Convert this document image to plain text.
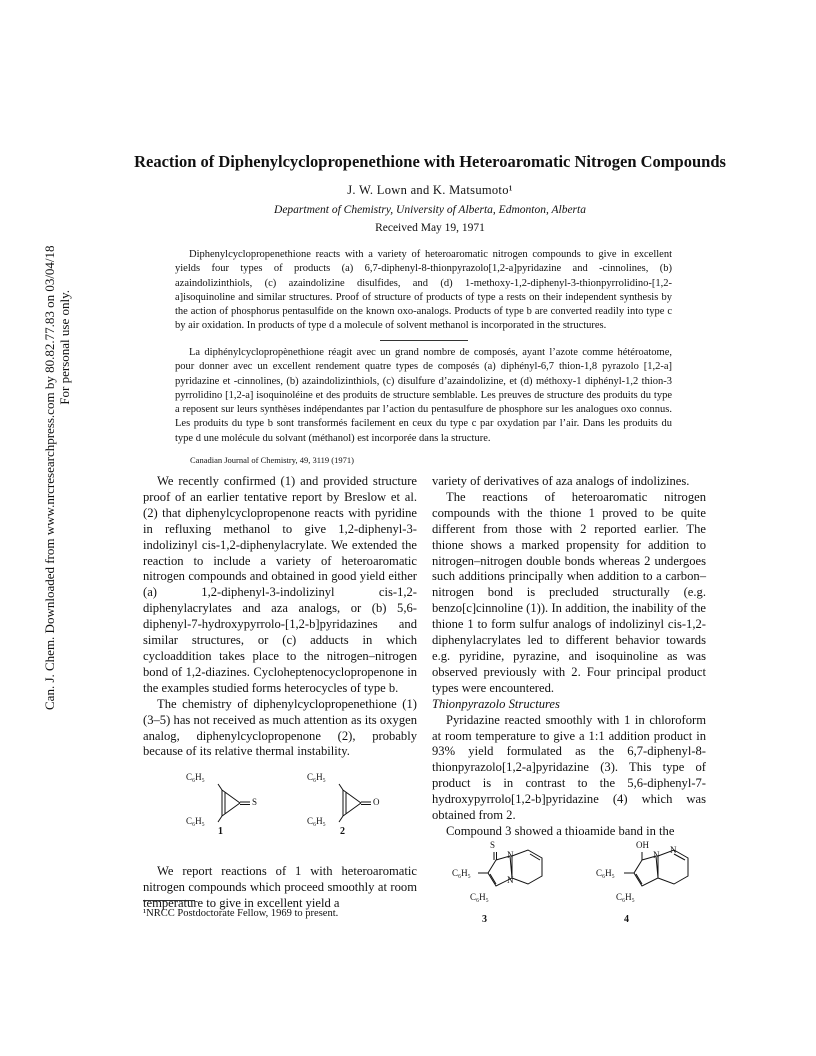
Can. J. Chem. Downloaded from www.nrcresearchpress.com by 80.82.77.83 on 03/04/18 For personal use only.
Reaction of Diphenylcyclopropenethione with Heteroaromatic Nitrogen Compounds
J. W. Lown and K. Matsumoto¹
Department of Chemistry, University of Alberta, Edmonton, Alberta
Received May 19, 1971

Diphenylcyclopropenethione reacts with a variety of heteroaromatic nitrogen compounds to give in excellent yields four types of products (a) 6,7-diphenyl-8-thionpyrazolo[1,2-a]pyridazine and -cinnolines, (b) azaindolizinthiols, (c) azaindolizine disulfides, and (d) 1-methoxy-1,2-diphenyl-3-thionpyrrolidino-[1,2-a]isoquinoline and similar structures. Proof of structure of products of type a rests on their independent synthesis by the action of phosphorus pentasulfide on the known oxo-analogs. Products of type b are converted readily into type c by air oxidation. In products of type d a molecule of solvent methanol is incorporated in the structures.

La diphénylcyclopropènethione réagit avec un grand nombre de composés, ayant l’azote comme hétéroatome, pour donner avec un excellent rendement quatre types de composés (a) diphényl-6,7 thion-1,8 pyrazolo [1,2-a] pyridazine et -cinnolines, (b) azaindolizinthiols, (c) disulfure d’azaindolizine, et (d) méthoxy-1 diphényl-1,2 thion-3 pyrrolidino [1,2-a] isoquinoléine et des produits de structure semblable. Les preuves de structure des produits du type a reposent sur leurs synthèses indépendantes par l’action du pentasulfure de phosphore sur les analogues oxo connus. Les produits du type b sont transformés facilement en ceux du type c par oxydation par l’air. Dans les produits du type d une molécule du solvant (méthanol) est incorporée dans la structure.

Canadian Journal of Chemistry, 49, 3119 (1971)

We recently confirmed (1) and provided structure proof of an earlier tentative report by Breslow et al. (2) that diphenylcyclopropenone reacts with pyridine in refluxing methanol to give 1,2-diphenyl-3-indolizinyl cis-1,2-diphenylacrylate. We extended the reaction to include a variety of heteroaromatic nitrogen compounds and obtained in good yield either (a) 1,2-diphenyl-3-indolizinyl cis-1,2-diphenylacrylates and aza analogs, or (b) 5,6-diphenyl-7-hydroxypyrrolo-[1,2-b]pyridazines and similar structures, or (c) adducts in which cycloaddition takes place to the nitrogen–nitrogen bond of 1,2-diazines. Cycloheptenocyclopropenone in the examples studied forms heterocycles of type b.

The chemistry of diphenylcyclopropenethione (1) (3–5) has not received as much attention as its oxygen analog, diphenylcyclopropenone (2), probably because of its relative thermal instability.

We report reactions of 1 with heteroaromatic nitrogen compounds which proceed smoothly at room temperature to give in excellent yield a

variety of derivatives of aza analogs of indolizines.

The reactions of heteroaromatic nitrogen compounds with the thione 1 proved to be quite different from those with 2 reported earlier. The thione shows a marked propensity for addition to nitrogen–nitrogen double bonds whereas 2 undergoes such additions principally when addition to a carbon–nitrogen bond is precluded structurally (e.g. benzo[c]cinnoline (1)). In addition, the inability of the thione 1 to form sulfur analogs of indolizinyl cis-1,2-diphenylacrylates led to different behavior towards e.g. pyridine, pyrazine, and isoquinoline as was observed previously with 2. Four principal product types were encountered.

Thionpyrazolo Structures

Pyridazine reacted smoothly with 1 in chloroform at room temperature to give a 1:1 addition product in 93% yield formulated as the 6,7-diphenyl-8-thionpyrazolo[1,2-a]pyridazine (3). This type of product is in contrast to the 5,6-diphenyl-7-hydroxypyrrolo[1,2-b]pyridazine (4) which was obtained from 2.

Compound 3 showed a thioamide band in the

C₆H₅
C₆H₅
S
1
C₆H₅
C₆H₅
O
2
S
N
N
C₆H₅
C₆H₅
3
OH
N N
C₆H₅
C₆H₅
4
¹NRCC Postdoctorate Fellow, 1969 to present.
